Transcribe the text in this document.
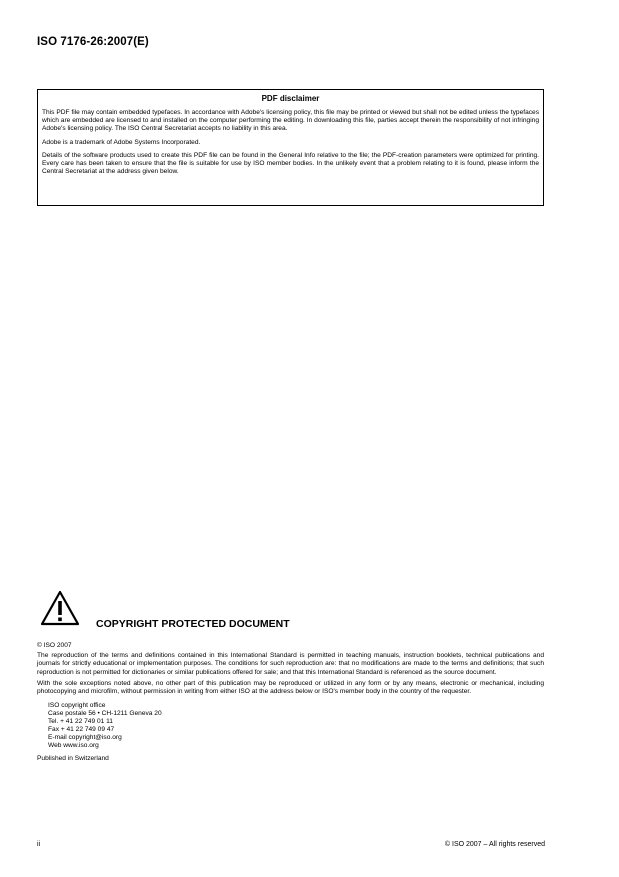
ISO 7176-26:2007(E)
PDF disclaimer

This PDF file may contain embedded typefaces. In accordance with Adobe's licensing policy, this file may be printed or viewed but shall not be edited unless the typefaces which are embedded are licensed to and installed on the computer performing the editing. In downloading this file, parties accept therein the responsibility of not infringing Adobe's licensing policy. The ISO Central Secretariat accepts no liability in this area.

Adobe is a trademark of Adobe Systems Incorporated.

Details of the software products used to create this PDF file can be found in the General Info relative to the file; the PDF-creation parameters were optimized for printing. Every care has been taken to ensure that the file is suitable for use by ISO member bodies. In the unlikely event that a problem relating to it is found, please inform the Central Secretariat at the address given below.

COPYRIGHT PROTECTED DOCUMENT

© ISO 2007

The reproduction of the terms and definitions contained in this International Standard is permitted in teaching manuals, instruction booklets, technical publications and journals for strictly educational or implementation purposes. The conditions for such reproduction are: that no modifications are made to the terms and definitions; that such reproduction is not permitted for dictionaries or similar publications offered for sale; and that this International Standard is referenced as the source document.

With the sole exceptions noted above, no other part of this publication may be reproduced or utilized in any form or by any means, electronic or mechanical, including photocopying and microfilm, without permission in writing from either ISO at the address below or ISO's member body in the country of the requester.

ISO copyright office
Case postale 56 • CH-1211 Geneva 20
Tel. + 41 22 749 01 11
Fax + 41 22 749 09 47
E-mail copyright@iso.org
Web www.iso.org

Published in Switzerland

ii	© ISO 2007 – All rights reserved
